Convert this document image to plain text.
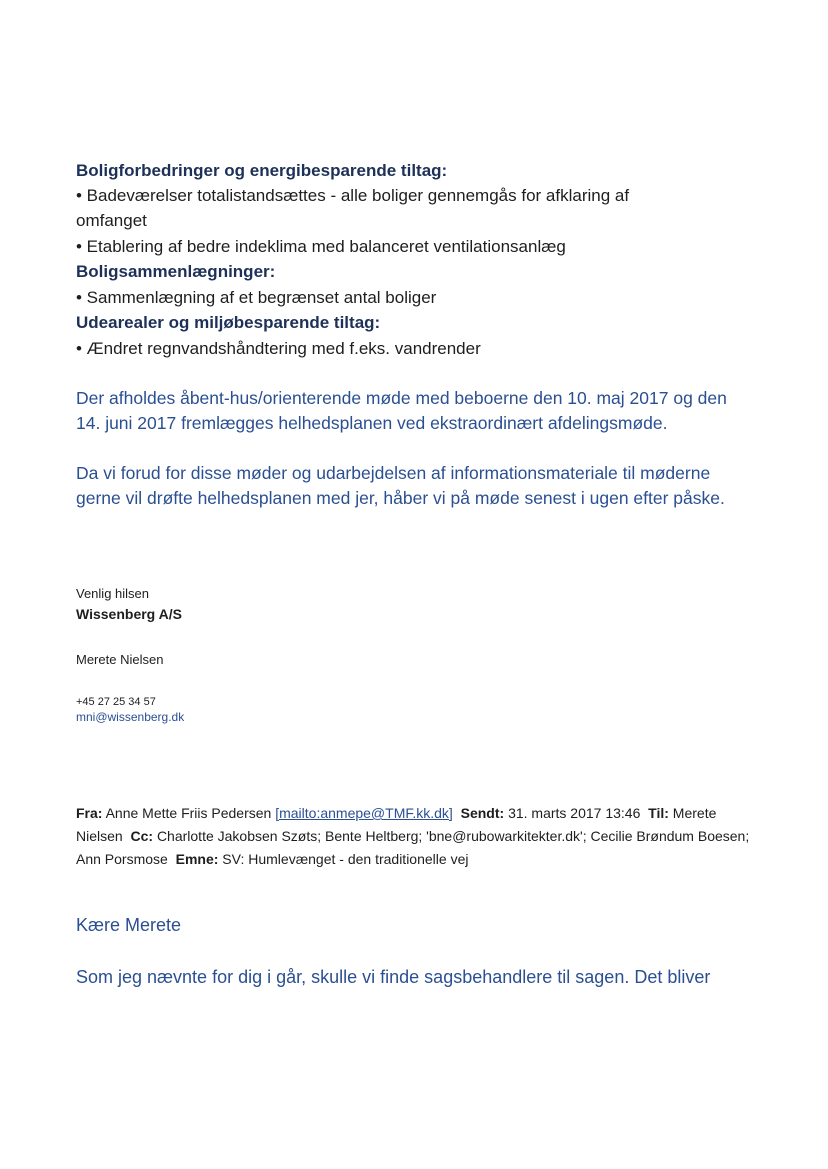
Boligforbedringer og energibesparende tiltag:

• Badeværelser totalistandsættes - alle boliger gennemgås for afklaring af

omfanget

• Etablering af bedre indeklima med balanceret ventilationsanlæg

Boligsammenlægninger:

• Sammenlægning af et begrænset antal boliger

Udearealer og miljøbesparende tiltag:

• Ændret regnvandshåndtering med f.eks. vandrender

Der afholdes åbent-hus/orienterende møde med beboerne den 10. maj 2017 og den 14. juni 2017 fremlægges helhedsplanen ved ekstraordinært afdelingsmøde.

Da vi forud for disse møder og udarbejdelsen af informationsmateriale til møderne gerne vil drøfte helhedsplanen med jer, håber vi på møde senest i ugen efter påske.

Venlig hilsen

Wissenberg A/S

Merete Nielsen

+45 27 25 34 57

mni@wissenberg.dk

Fra: Anne Mette Friis Pedersen [mailto:anmepe@TMF.kk.dk] Sendt: 31. marts 2017 13:46 Til: Merete Nielsen Cc: Charlotte Jakobsen Szøts; Bente Heltberg; 'bne@rubowarkitekter.dk'; Cecilie Brøndum Boesen; Ann Porsmose Emne: SV: Humlevænget - den traditionelle vej

Kære Merete

Som jeg nævnte for dig i går, skulle vi finde sagsbehandlere til sagen. Det bliver
